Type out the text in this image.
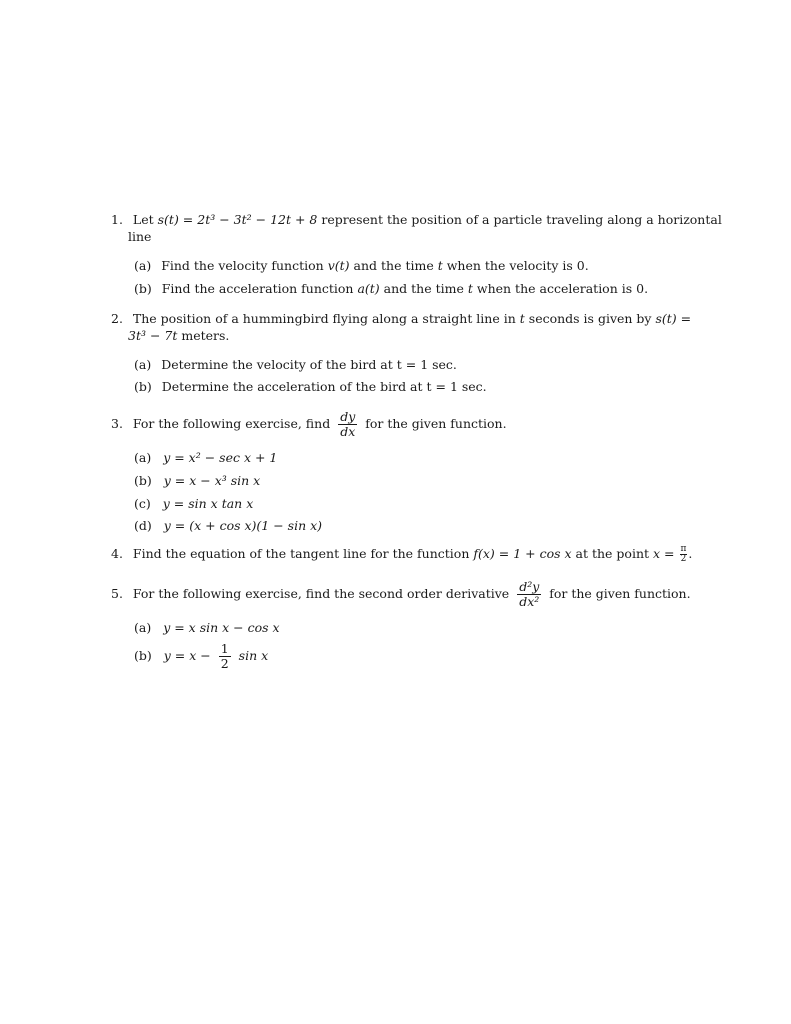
1. Let s(t) = 2t³ − 3t² − 12t + 8 represent the position of a particle traveling along a horizontal
line
(a) Find the velocity function v(t) and the time t when the velocity is 0.
(b) Find the acceleration function a(t) and the time t when the acceleration is 0.
2. The position of a hummingbird flying along a straight line in t seconds is given by s(t) =
3t³ − 7t meters.
(a) Determine the velocity of the bird at t = 1 sec.
(b) Determine the acceleration of the bird at t = 1 sec.
3. For the following exercise, find $\frac{dy}{dx}$ for the given function.
(a) y = x² − sec x + 1
(b) y = x − x³ sin x
(c) y = sin x tan x
(d) y = (x + cos x)(1 − sin x)
4. Find the equation of the tangent line for the function f(x) = 1 + cos x at the point $x = \frac{\pi}{2}$ .
5. For the following exercise, find the second order derivative $\frac{\text{d²y}}{\text{dx²}}$ for the given function.
(a) y = x sin x − cos x
(b) $y = x - \frac{1}{2}$ sin x
